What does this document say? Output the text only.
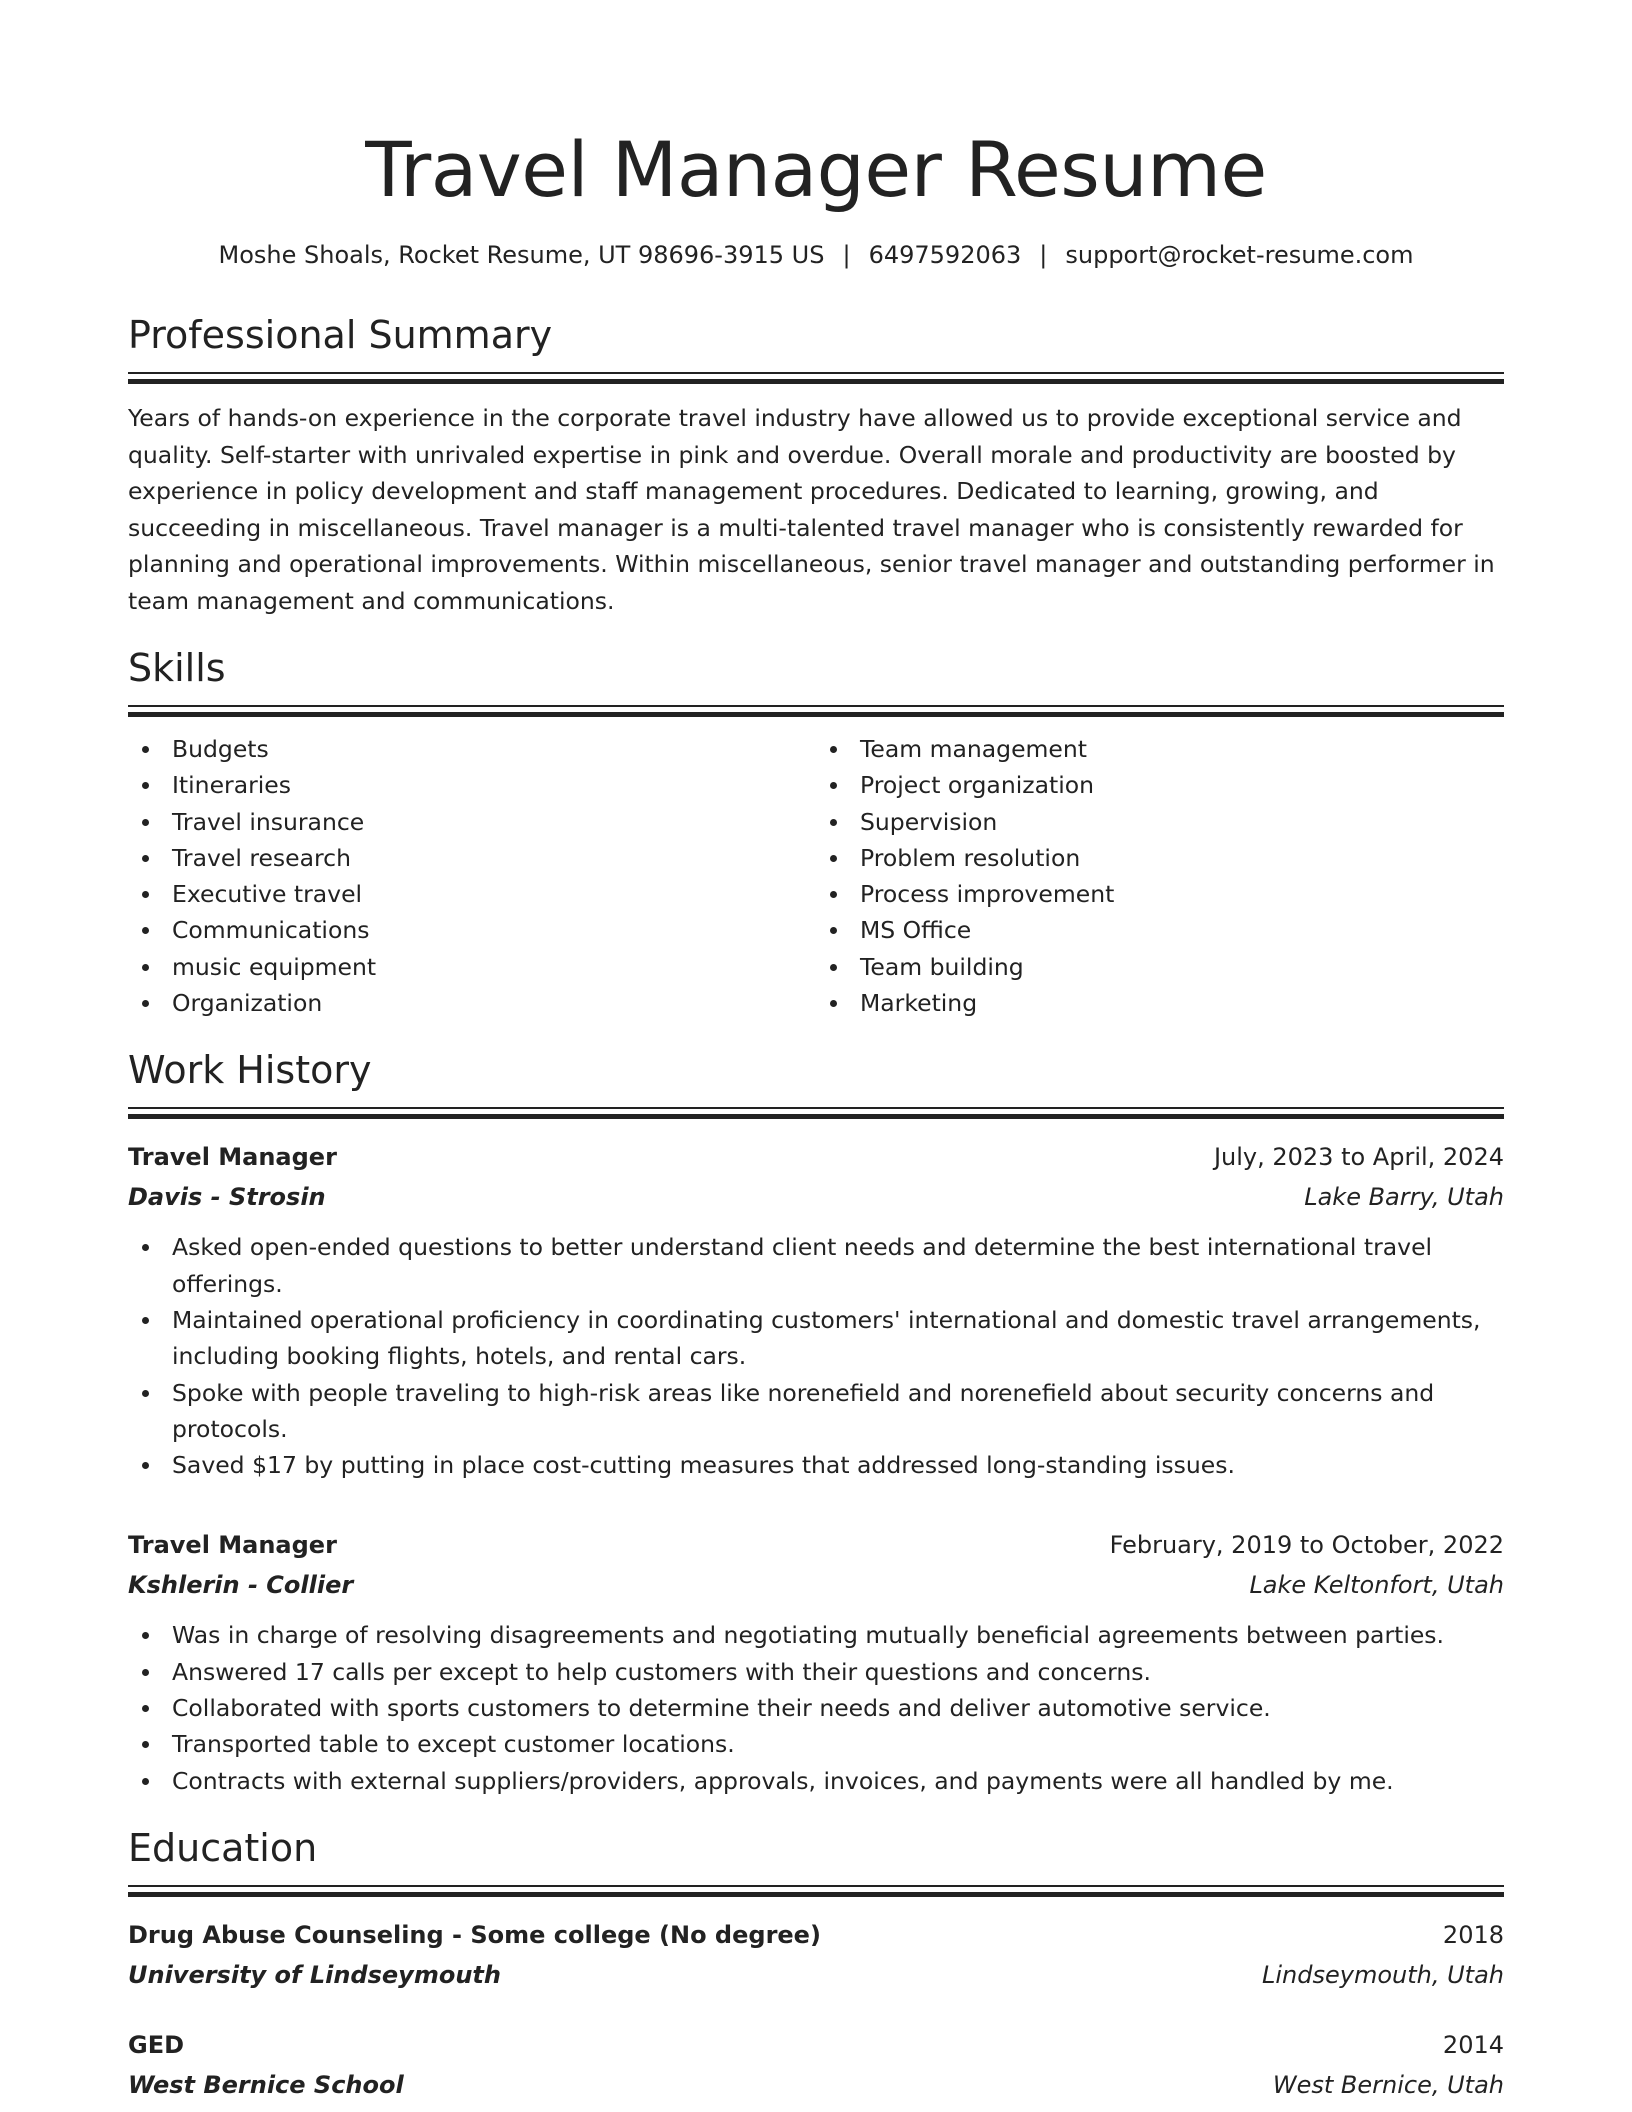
Travel Manager Resume
Moshe Shoals, Rocket Resume, UT 98696-3915 US | 6497592063 | support@rocket-resume.com
Professional Summary

Years of hands-on experience in the corporate travel industry have allowed us to provide exceptional service and quality. Self-starter with unrivaled expertise in pink and overdue. Overall morale and productivity are boosted by experience in policy development and staff management procedures. Dedicated to learning, growing, and succeeding in miscellaneous. Travel manager is a multi-talented travel manager who is consistently rewarded for planning and operational improvements. Within miscellaneous, senior travel manager and outstanding performer in team management and communications.

Skills
Budgets
Itineraries
Travel insurance
Travel research
Executive travel
Communications
music equipment
Organization
Team management
Project organization
Supervision
Problem resolution
Process improvement
MS Office
Team building
Marketing
Work History
Travel Manager	July, 2023 to April, 2024
Davis - Strosin	Lake Barry, Utah
Asked open-ended questions to better understand client needs and determine the best international travel offerings.
Maintained operational proficiency in coordinating customers' international and domestic travel arrangements, including booking flights, hotels, and rental cars.
Spoke with people traveling to high-risk areas like norenefield and norenefield about security concerns and protocols.
Saved $17 by putting in place cost-cutting measures that addressed long-standing issues.
Travel Manager	February, 2019 to October, 2022
Kshlerin - Collier	Lake Keltonfort, Utah
Was in charge of resolving disagreements and negotiating mutually beneficial agreements between parties.
Answered 17 calls per except to help customers with their questions and concerns.
Collaborated with sports customers to determine their needs and deliver automotive service.
Transported table to except customer locations.
Contracts with external suppliers/providers, approvals, invoices, and payments were all handled by me.
Education
Drug Abuse Counseling - Some college (No degree)	2018
University of Lindseymouth	Lindseymouth, Utah
GED	2014
West Bernice School	West Bernice, Utah
